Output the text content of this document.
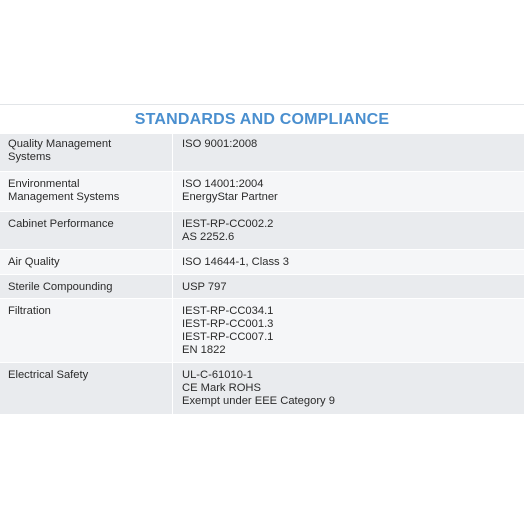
STANDARDS AND COMPLIANCE
Quality Management
Systems	ISO 9001:2008

Environmental
Management Systems	ISO 14001:2004
EnergyStar Partner

Cabinet Performance	IEST-RP-CC002.2
AS 2252.6

Air Quality	ISO 14644-1, Class 3

Sterile Compounding	USP 797

Filtration	IEST-RP-CC034.1
IEST-RP-CC001.3
IEST-RP-CC007.1
EN 1822

Electrical Safety	UL-C-61010-1
CE Mark ROHS
Exempt under EEE Category 9
